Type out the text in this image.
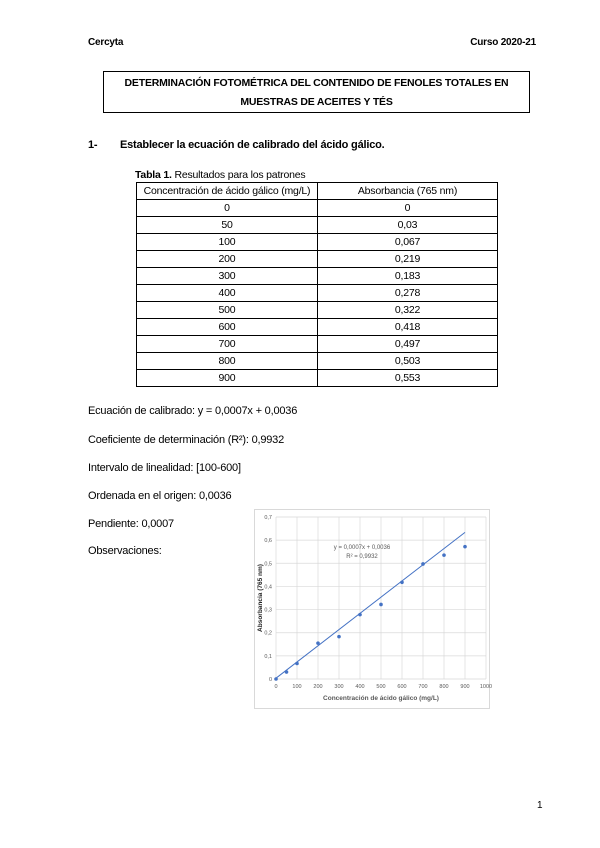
Cercyta	Curso 2020-21
DETERMINACIÓN FOTOMÉTRICA DEL CONTENIDO DE FENOLES TOTALES EN
MUESTRAS DE ACEITES Y TÉS
1- Establecer la ecuación de calibrado del ácido gálico.
Tabla 1. Resultados para los patrones
Concentración de ácido gálico (mg/L)	Absorbancia (765 nm)
0	0
50	0,03
100	0,067
200	0,219
300	0,183
400	0,278
500	0,322
600	0,418
700	0,497
800	0,503
900	0,553
Ecuación de calibrado: y = 0,0007x + 0,0036
Coeficiente de determinación (R²): 0,9932
Intervalo de linealidad: [100-600]
Ordenada en el origen: 0,0036
Pendiente: 0,0007
Observaciones:
0
0,1
0,2
0,3
0,4
0,5
0,6
0,7
0	100 200 300 400 500 600 700 800 900 1000
y = 0,0007x + 0,0036
R² = 0,9932
Concentración de ácido gálico (mg/L)
Absorbancia (765 nm)
1
